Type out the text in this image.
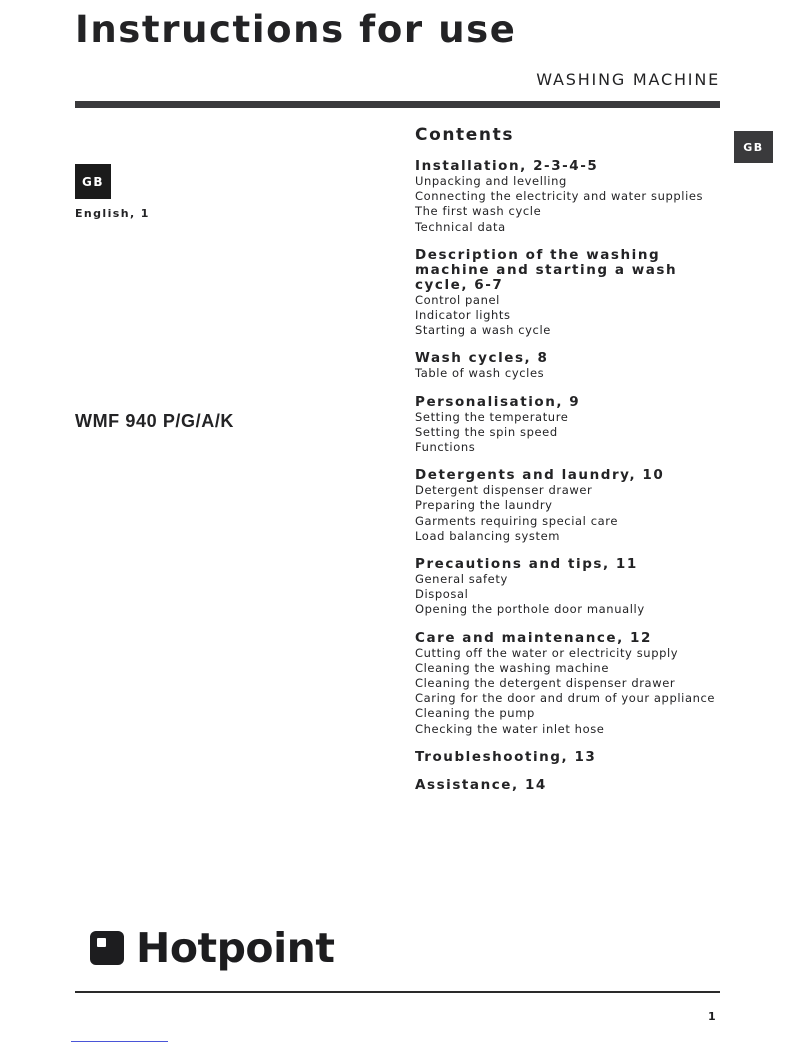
Instructions for use
WASHING MACHINE
GB
English, 1
WMF 940 P/G/A/K
GB
Contents
Installation, 2-3-4-5
Unpacking and levelling
Connecting the electricity and water supplies
The first wash cycle
Technical data
Description of the washing machine and starting a wash cycle, 6-7
Control panel
Indicator lights
Starting a wash cycle
Wash cycles, 8
Table of wash cycles
Personalisation, 9
Setting the temperature
Setting the spin speed
Functions
Detergents and laundry, 10
Detergent dispenser drawer
Preparing the laundry
Garments requiring special care
Load balancing system
Precautions and tips, 11
General safety
Disposal
Opening the porthole door manually
Care and maintenance, 12
Cutting off the water or electricity supply
Cleaning the washing machine
Cleaning the detergent dispenser drawer
Caring for the door and drum of your appliance
Cleaning the pump
Checking the water inlet hose
Troubleshooting, 13
Assistance, 14
Hotpoint
1
